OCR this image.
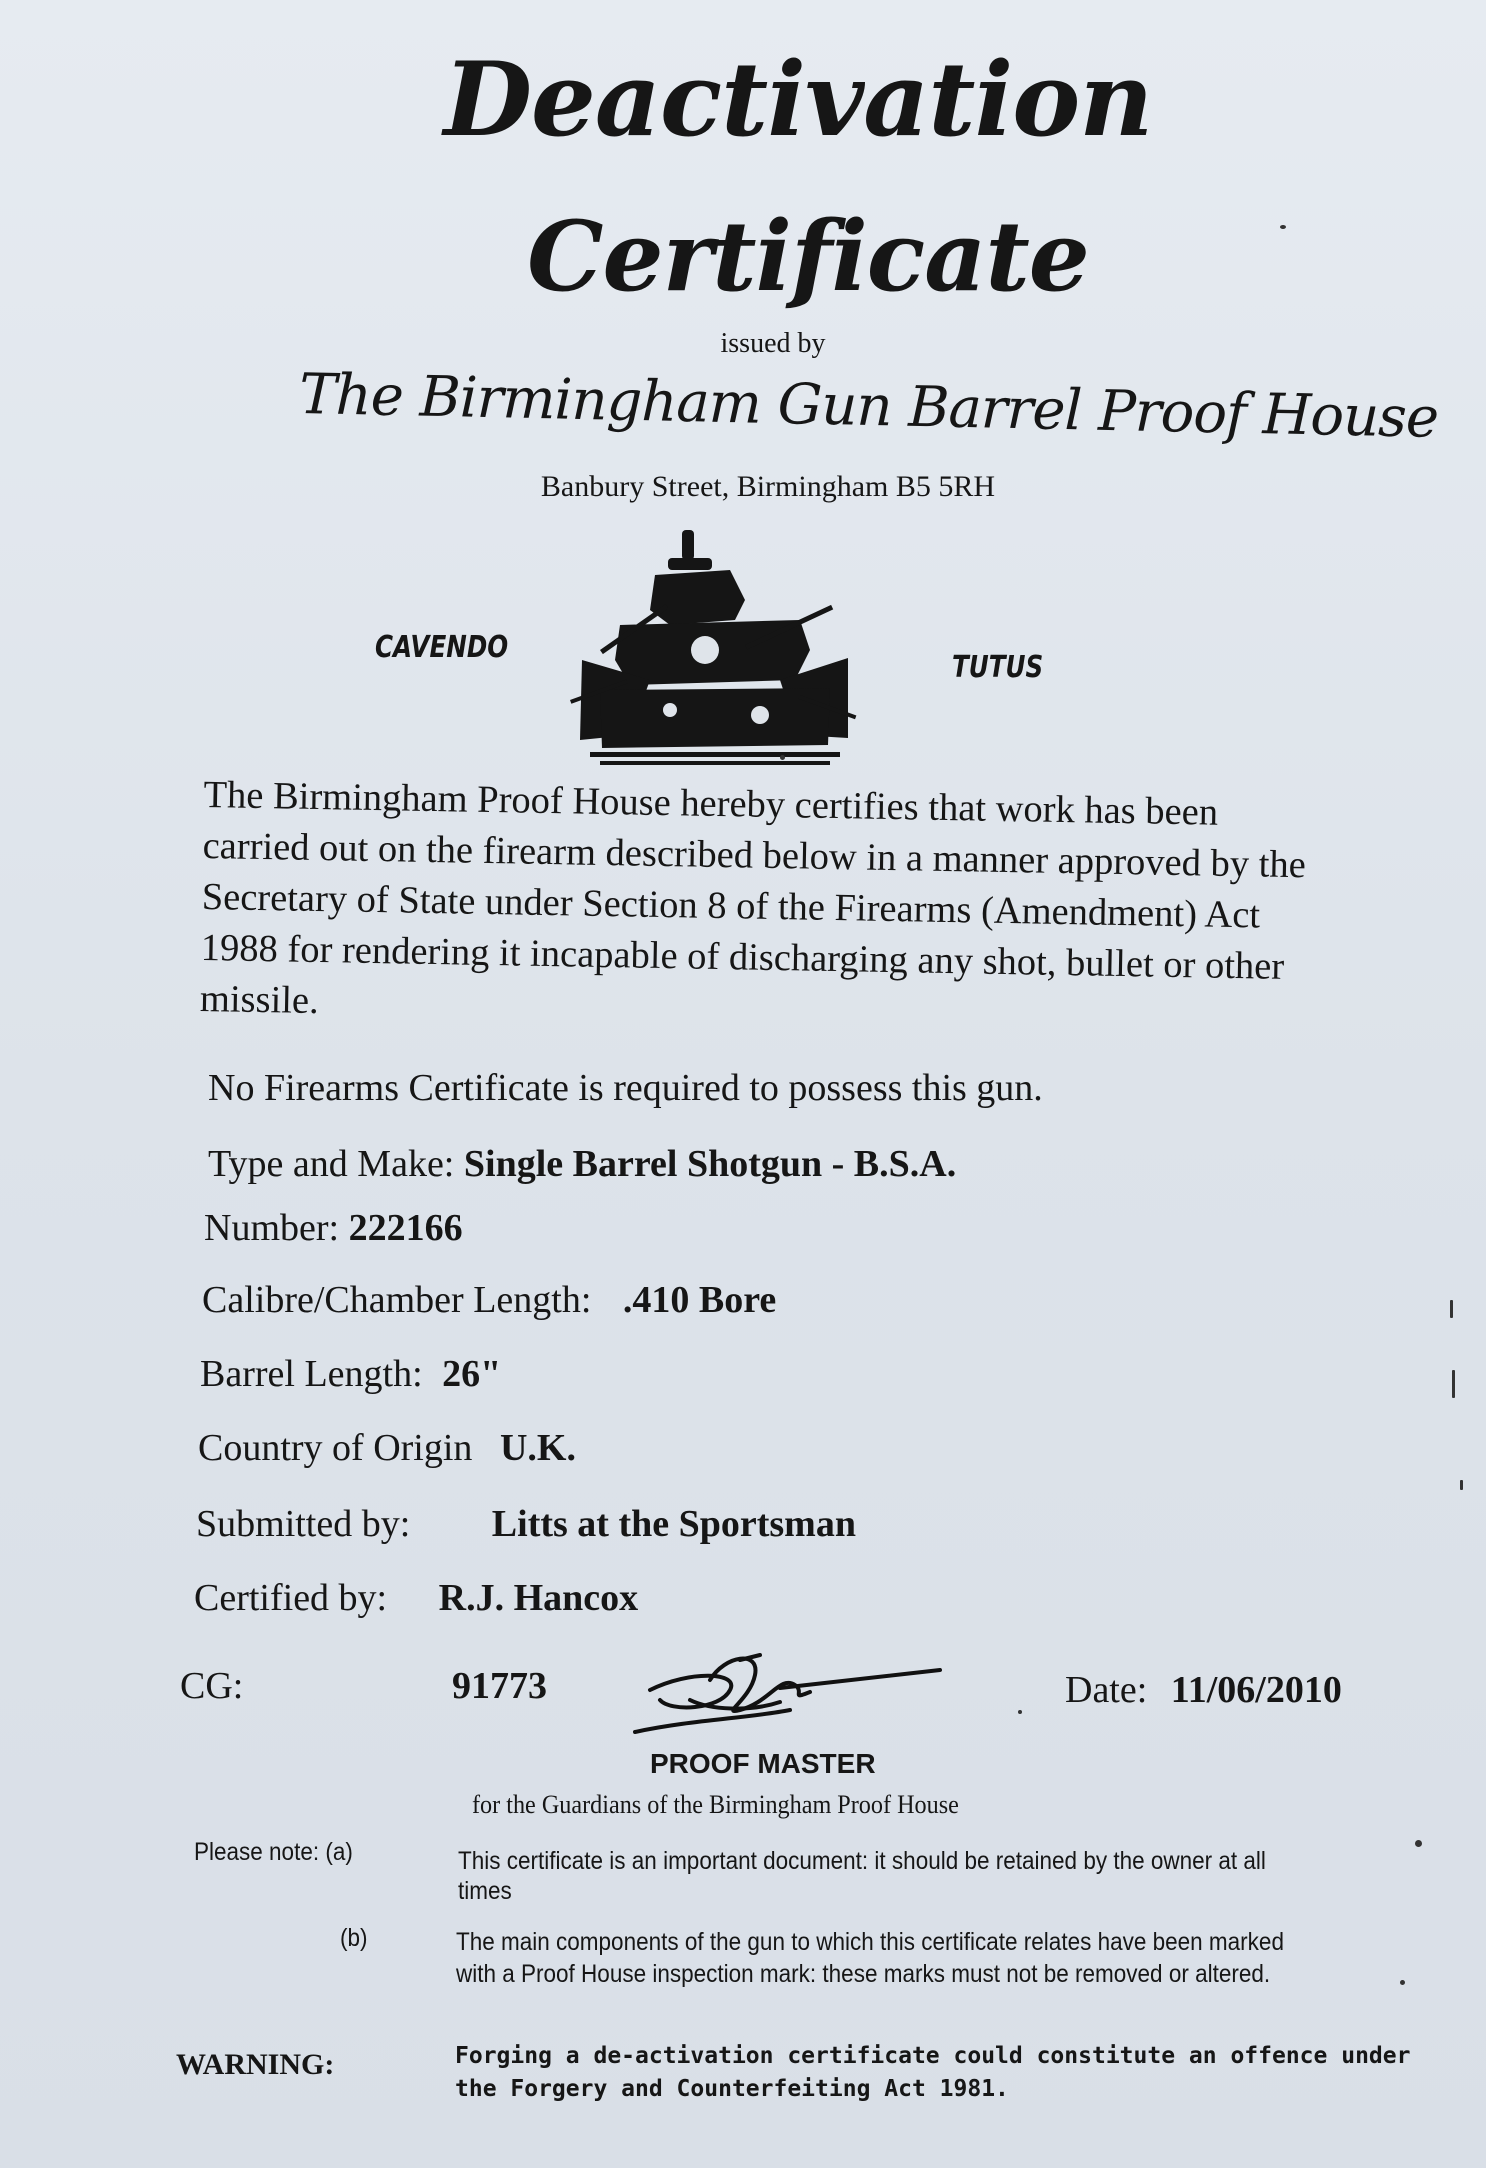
Deactivation
Certificate
issued by
The Birmingham Gun Barrel Proof House
Banbury Street, Birmingham B5 5RH
CAVENDO
TUTUS
The Birmingham Proof House hereby certifies that work has been carried out on the firearm described below in a manner approved by the Secretary of State under Section 8 of the Firearms (Amendment) Act 1988 for rendering it incapable of discharging any shot, bullet or other missile.
No Firearms Certificate is required to possess this gun.
Type and Make: Single Barrel Shotgun - B.S.A.
Number: 222166
Calibre/Chamber Length: .410 Bore
Barrel Length: 26"
Country of Origin U.K.
Submitted by: Litts at the Sportsman
Certified by: R.J. Hancox
CG:	91773	Date: 11/06/2010
PROOF MASTER
for the Guardians of the Birmingham Proof House
Please note: (a)	This certificate is an important document: it should be retained by the owner at all times
(b)	The main components of the gun to which this certificate relates have been marked with a Proof House inspection mark: these marks must not be removed or altered.
WARNING:	Forging a de-activation certificate could constitute an offence under the Forgery and Counterfeiting Act 1981.
